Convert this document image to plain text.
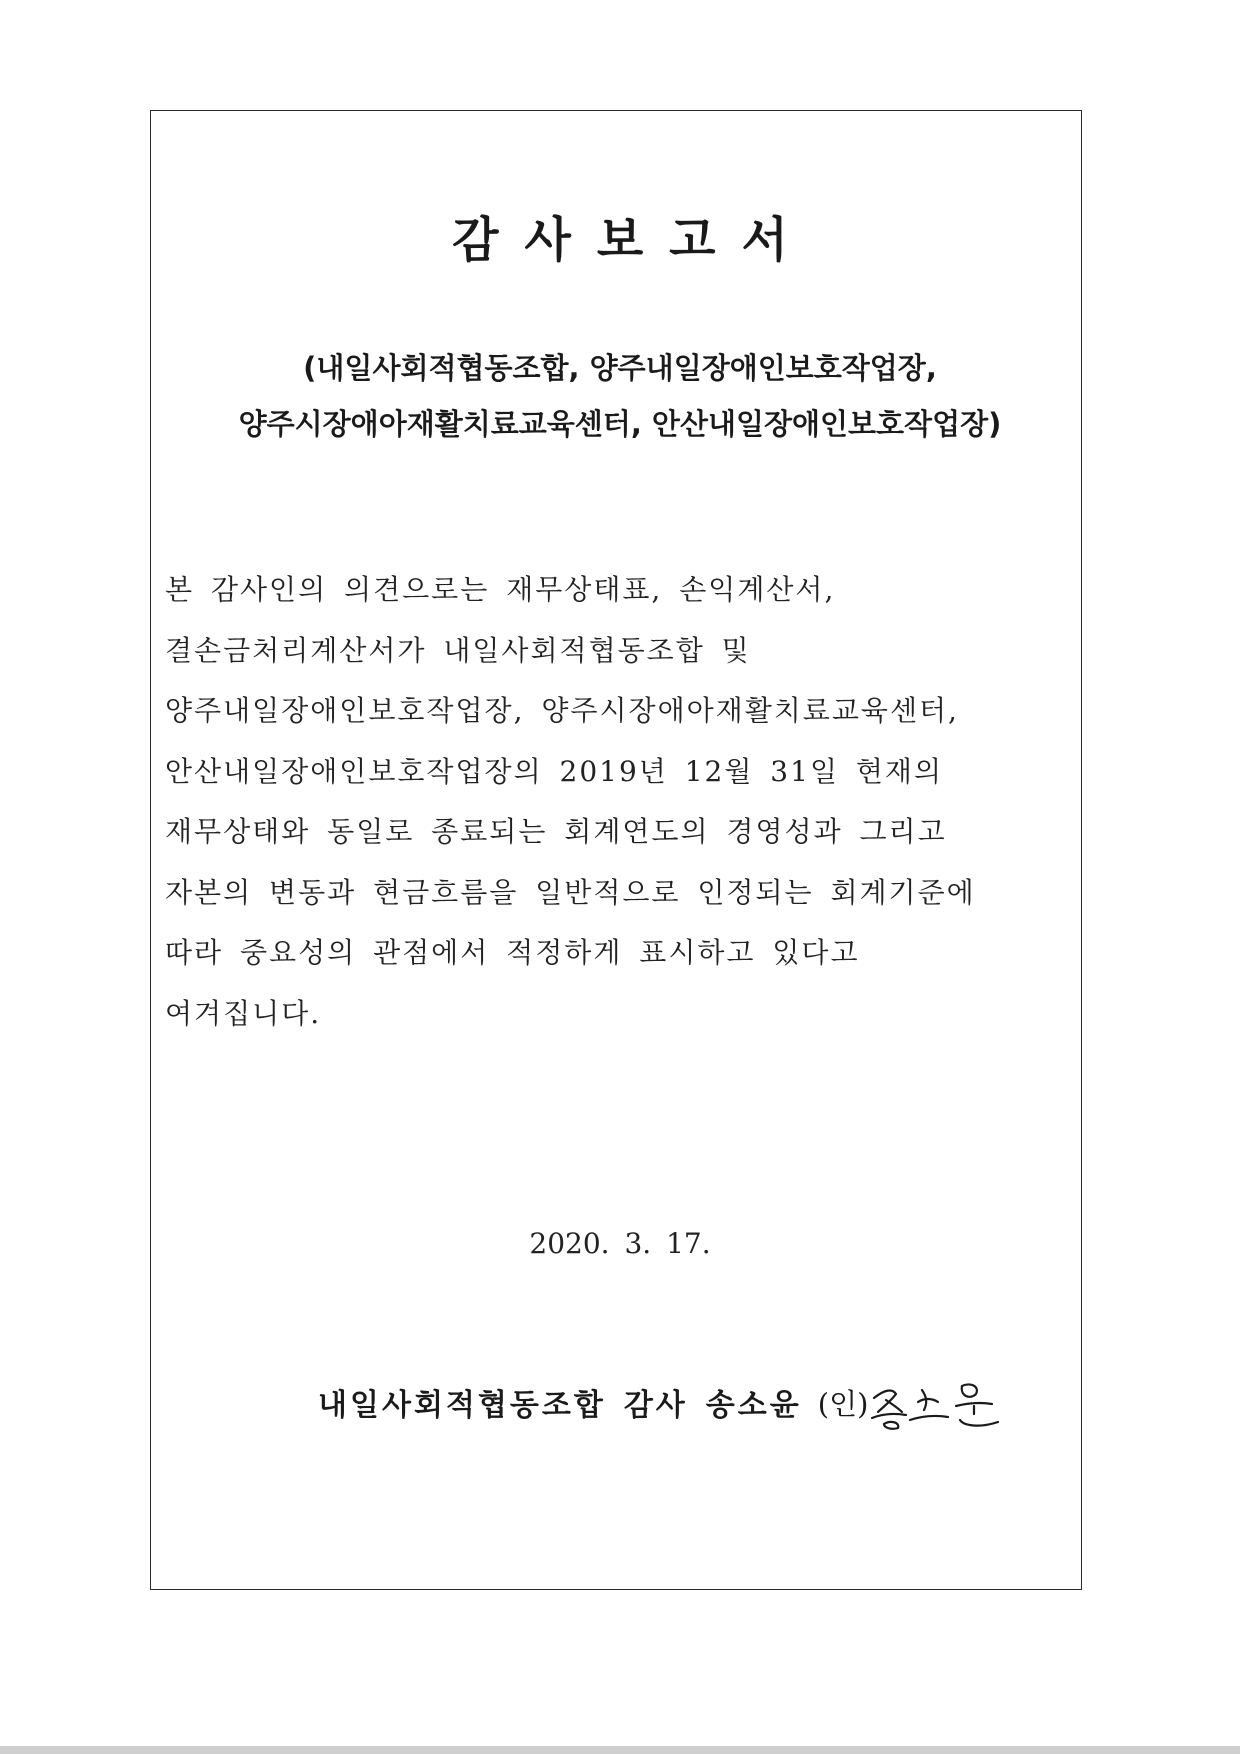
감사보고서
(내일사회적협동조합, 양주내일장애인보호작업장,
양주시장애아재활치료교육센터, 안산내일장애인보호작업장)
본 감사인의 의견으로는 재무상태표, 손익계산서,
결손금처리계산서가 내일사회적협동조합 및
양주내일장애인보호작업장, 양주시장애아재활치료교육센터,
안산내일장애인보호작업장의 2019년 12월 31일 현재의
재무상태와 동일로 종료되는 회계연도의 경영성과 그리고
자본의 변동과 현금흐름을 일반적으로 인정되는 회계기준에
따라 중요성의 관점에서 적정하게 표시하고 있다고
여겨집니다.
2020. 3. 17.
내일사회적협동조합 감사 송소윤 (인)
